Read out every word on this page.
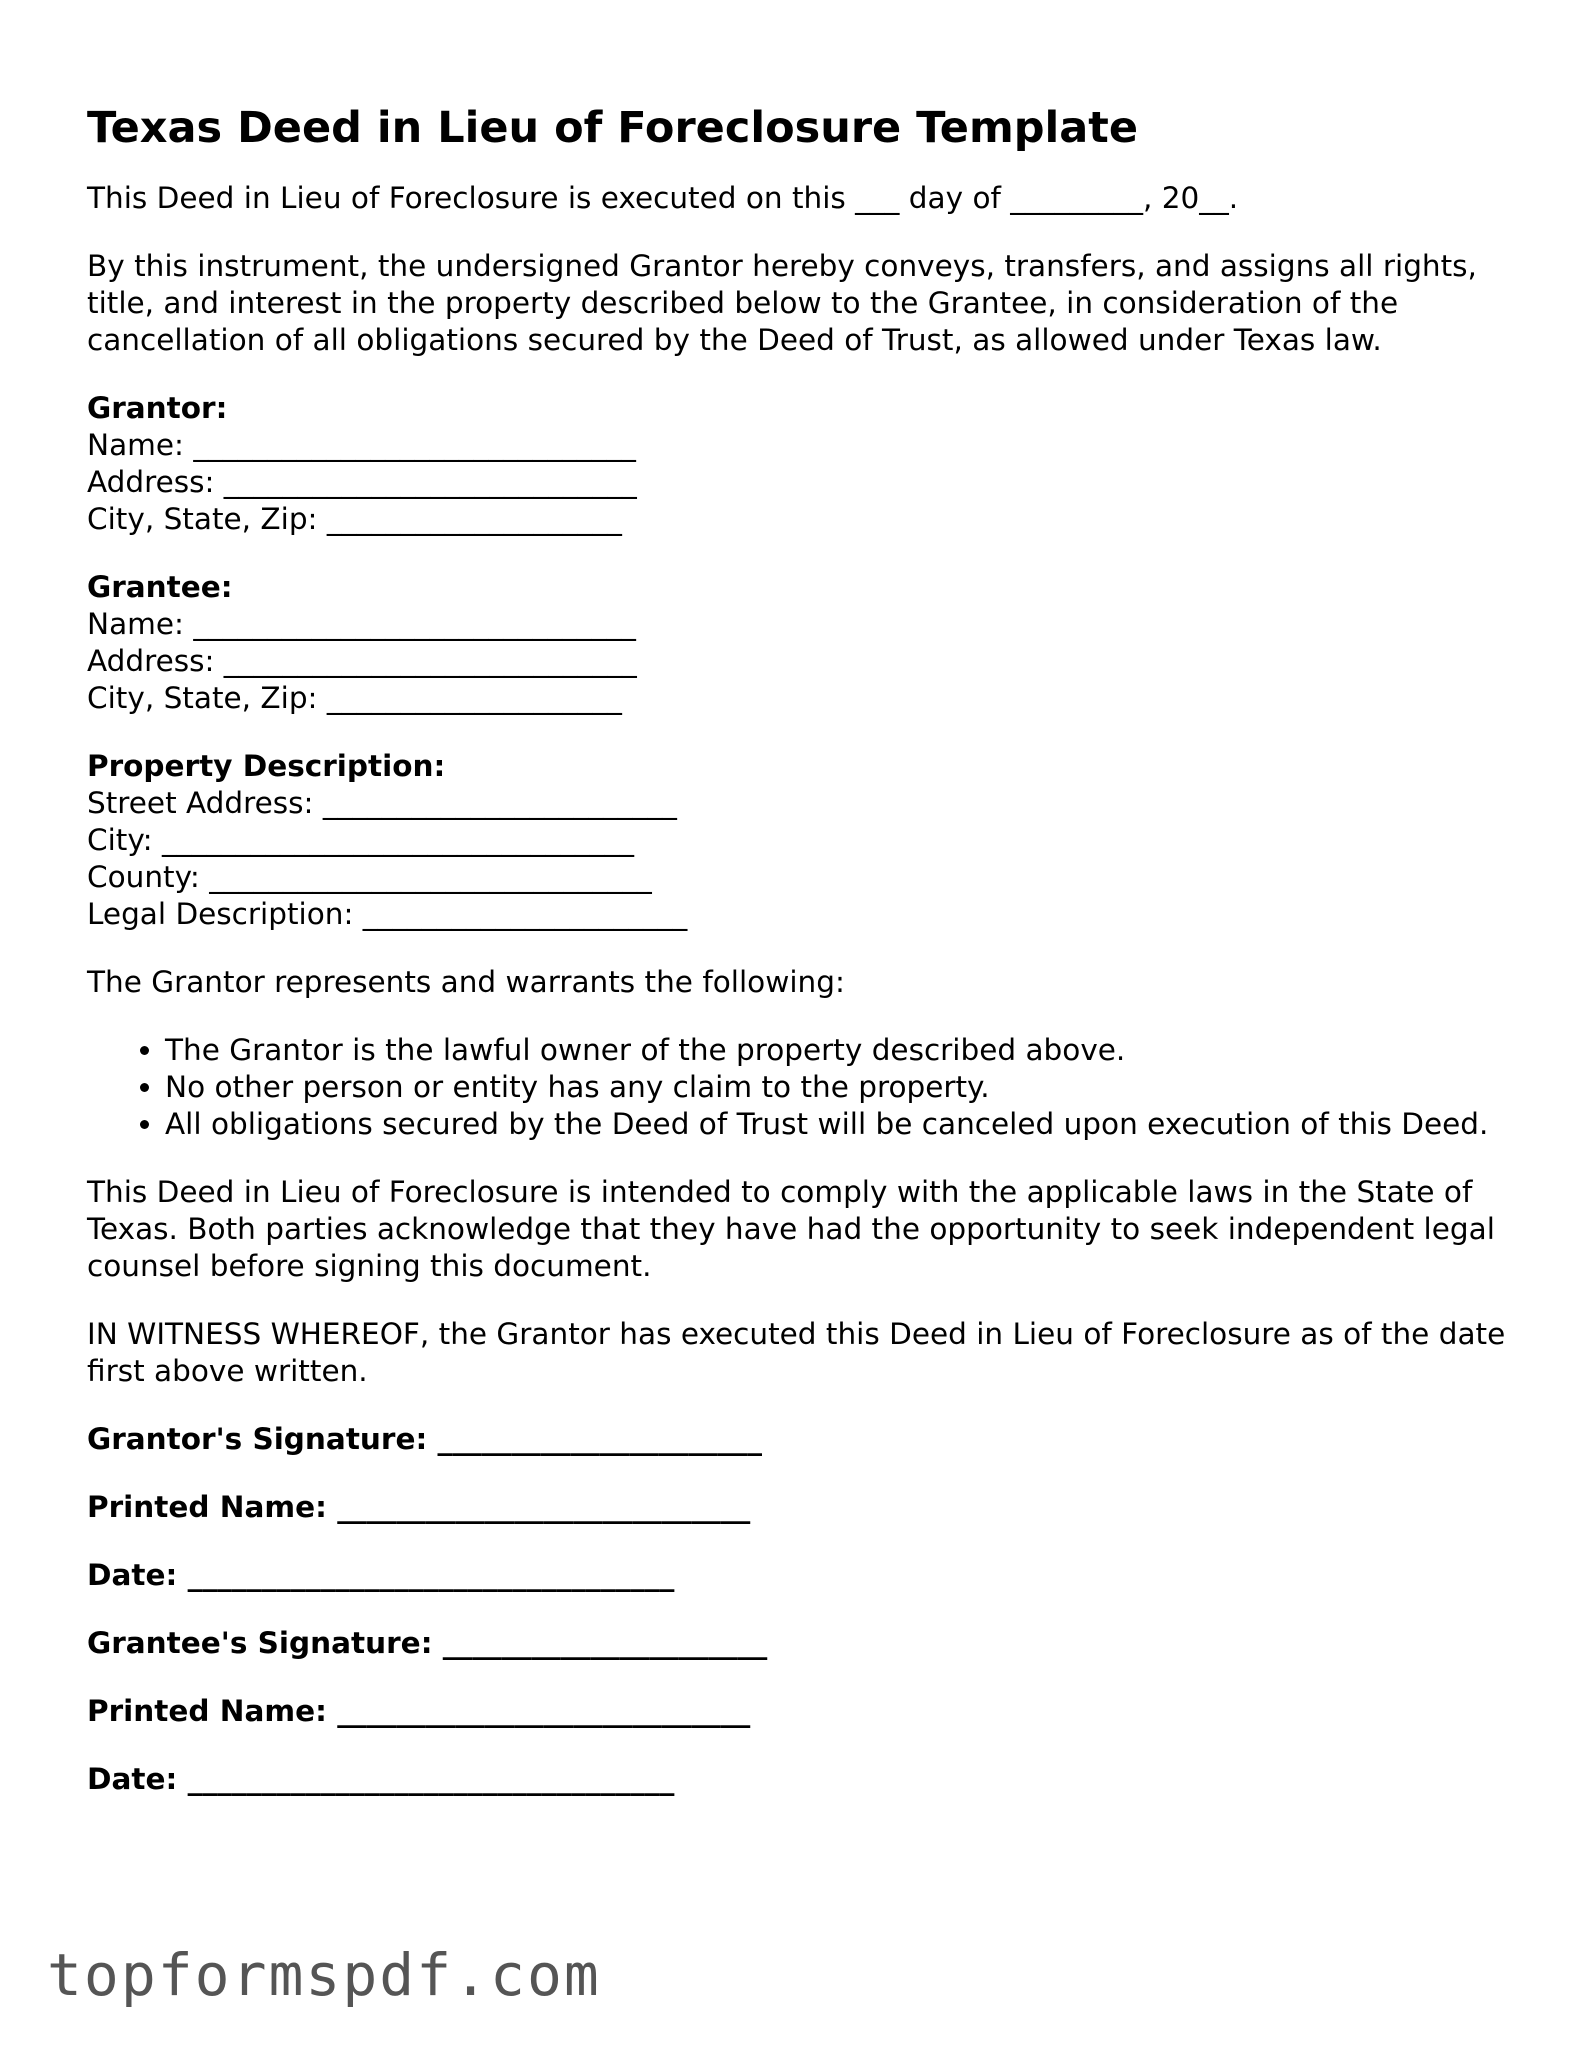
Texas Deed in Lieu of Foreclosure Template

This Deed in Lieu of Foreclosure is executed on this ___ day of _________, 20__.

By this instrument, the undersigned Grantor hereby conveys, transfers, and assigns all rights, title, and interest in the property described below to the Grantee, in consideration of the cancellation of all obligations secured by the Deed of Trust, as allowed under Texas law.

Grantor:
Name: ______________________________
Address: ____________________________
City, State, Zip: ____________________
Grantee:
Name: ______________________________
Address: ____________________________
City, State, Zip: ____________________
Property Description:
Street Address: ________________________
City: ________________________________
County: ______________________________
Legal Description: ______________________

The Grantor represents and warrants the following:

• The Grantor is the lawful owner of the property described above.
• No other person or entity has any claim to the property.
• All obligations secured by the Deed of Trust will be canceled upon execution of this Deed.

This Deed in Lieu of Foreclosure is intended to comply with the applicable laws in the State of Texas. Both parties acknowledge that they have had the opportunity to seek independent legal counsel before signing this document.

IN WITNESS WHEREOF, the Grantor has executed this Deed in Lieu of Foreclosure as of the date first above written.

Grantor's Signature: ______________________
Printed Name: ____________________________
Date: _________________________________
Grantee's Signature: ______________________
Printed Name: ____________________________
Date: _________________________________
topformspdf.com
